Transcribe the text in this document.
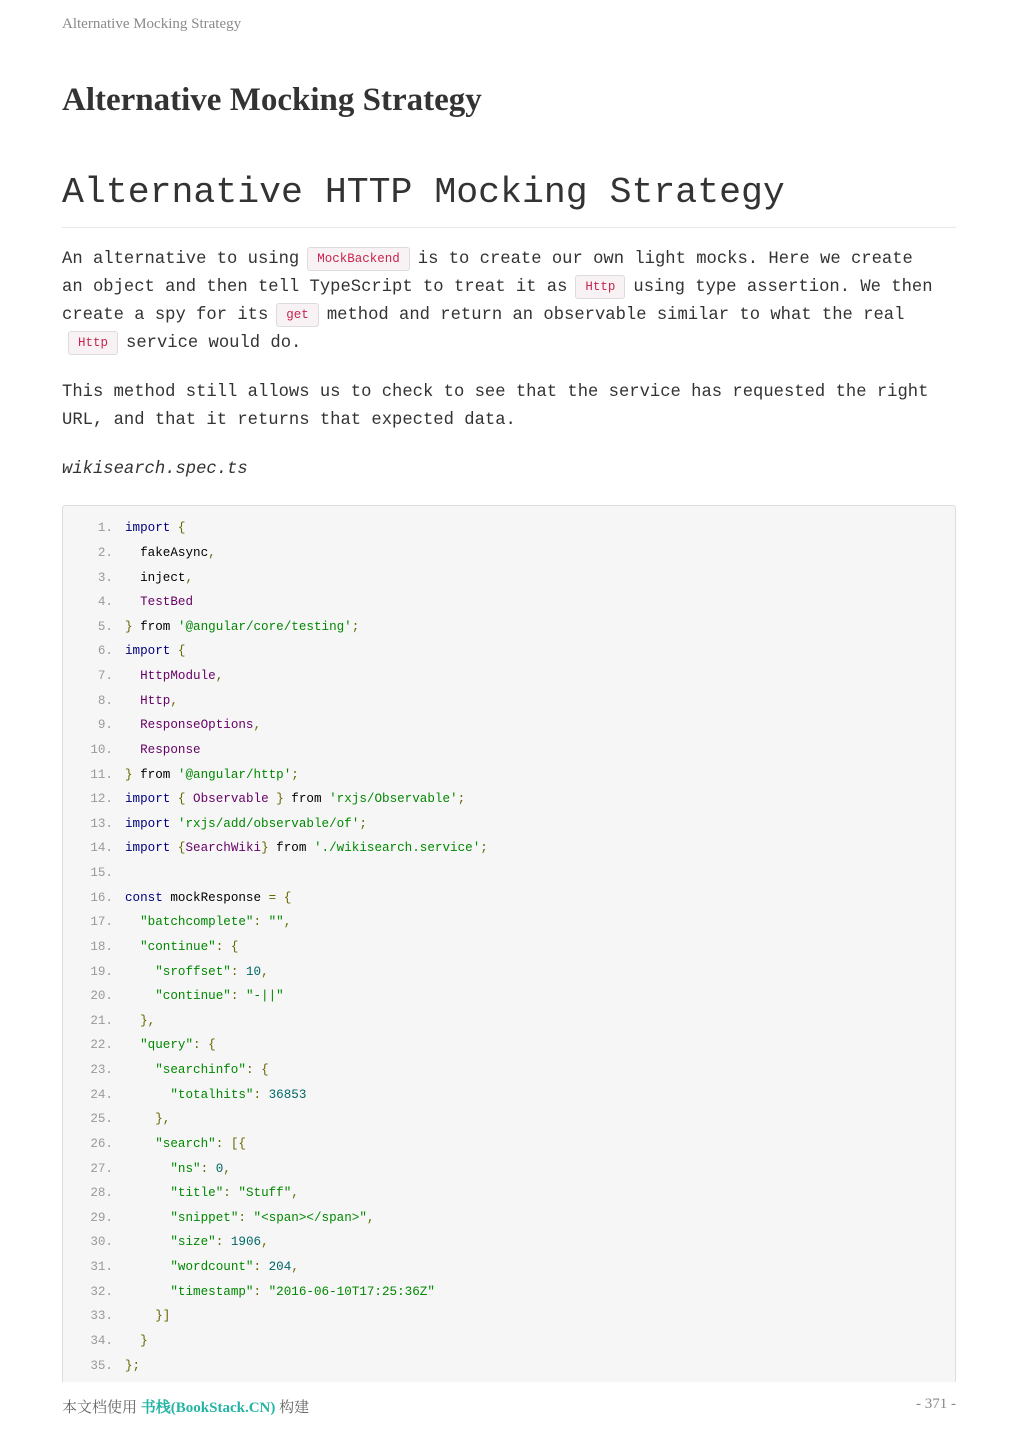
Alternative Mocking Strategy
Alternative Mocking Strategy
Alternative HTTP Mocking Strategy
An alternative to using MockBackend is to create our own light mocks. Here we create
an object and then tell TypeScript to treat it as Http using type assertion. We then
create a spy for its get method and return an observable similar to what the real
Http service would do.
This method still allows us to check to see that the service has requested the right
URL, and that it returns that expected data.

wikisearch.spec.ts

1. import {
2. fakeAsync,
3. inject,
4.	TestBed
5. } from '@angular/core/testing';
6. import {
7.	HttpModule,
8.	Http,
9.	ResponseOptions,
10.	Response
11. } from '@angular/http';
12. import { Observable } from 'rxjs/Observable';
13. import 'rxjs/add/observable/of';
14. import {SearchWiki} from './wikisearch.service';
15.
16. const mockResponse = {
17.	"batchcomplete": "",
18.	"continue": {
19.	"sroffset": 10,
20.	"continue": "-||"
21.	},
22.	"query": {
23.	"searchinfo": {
24.	"totalhits": 36853
25.	},
26.	"search": [{
27.	"ns": 0,
28.	"title": "Stuff",
29.	"snippet": "<span></span>",
30.	"size": 1906,
31.	"wordcount": 204,
32.	"timestamp": "2016-06-10T17:25:36Z"
33.	}]
34.	}
35. };
本文档使用 书栈(BookStack.CN) 构建	- 371 -
